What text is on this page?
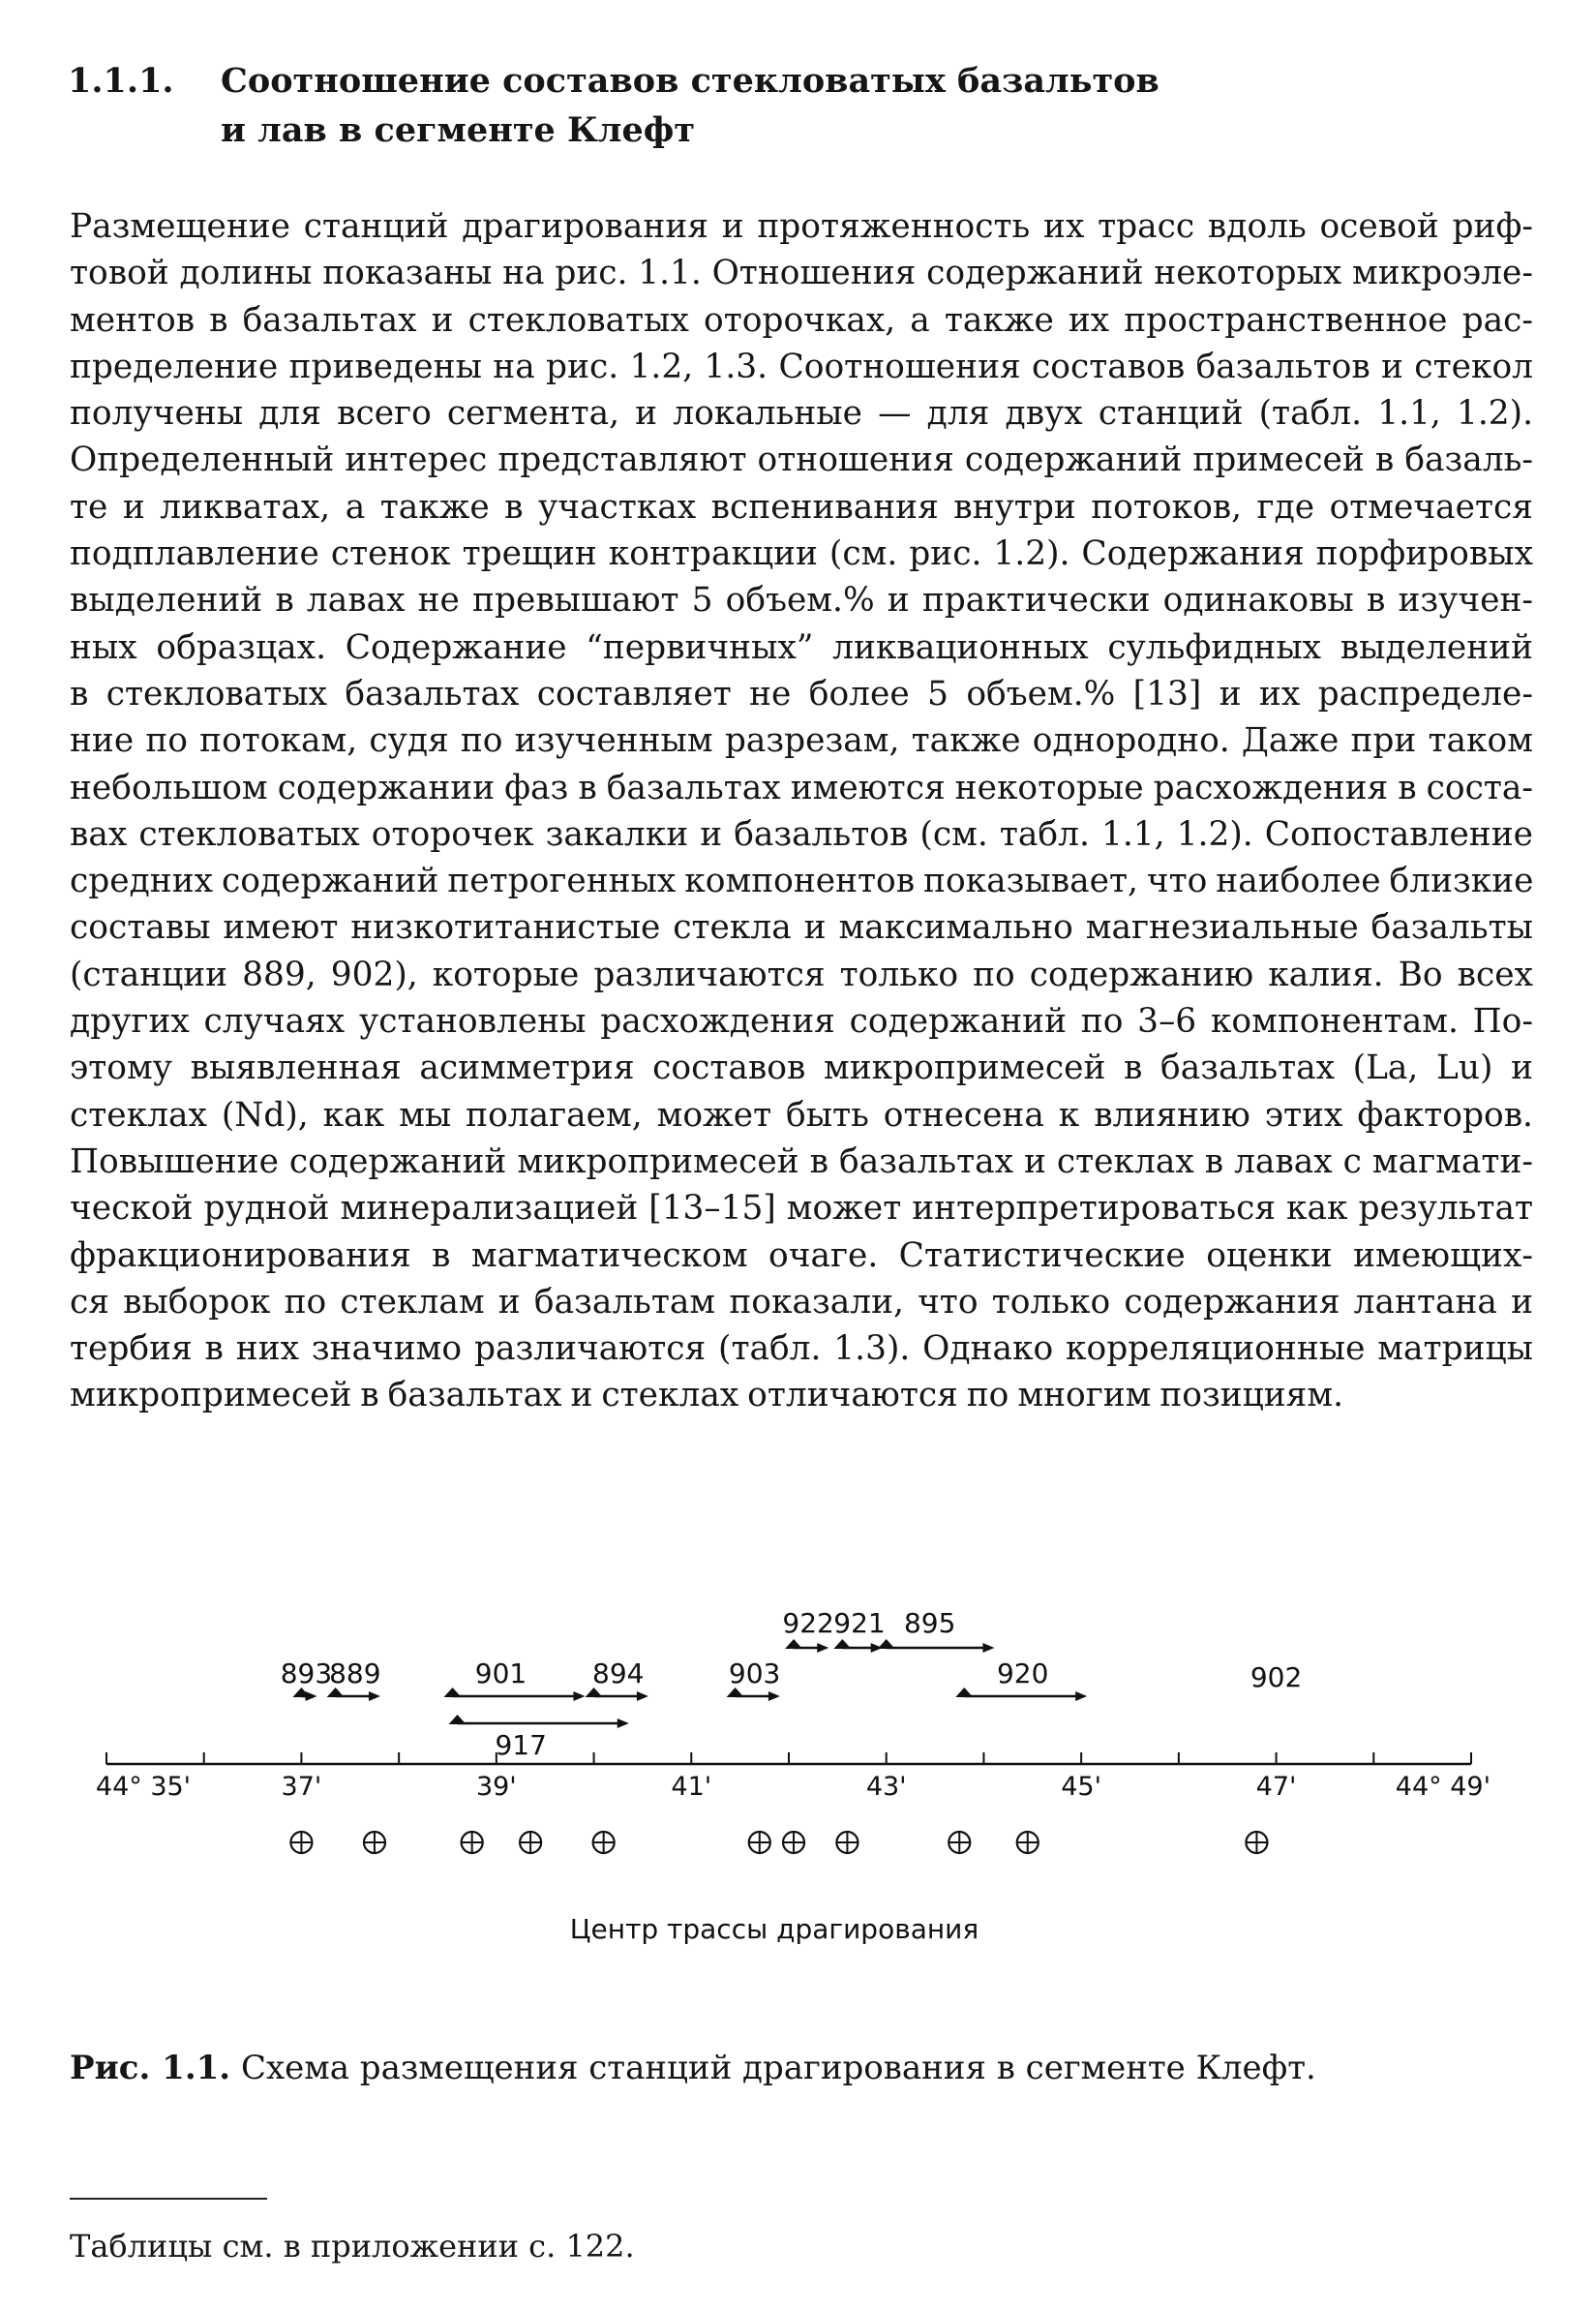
1.1.1. Соотношение составов стекловатых базальтов
и лав в сегменте Клефт
Размещение станций драгирования и протяженность их трасс вдоль осевой риф-
товой долины показаны на рис. 1.1. Отношения содержаний некоторых микроэле-
ментов в базальтах и стекловатых оторочках, а также их пространственное рас-
пределение приведены на рис. 1.2, 1.3. Соотношения составов базальтов и стекол
получены для всего сегмента, и локальные — для двух станций (табл. 1.1, 1.2).
Определенный интерес представляют отношения содержаний примесей в базаль-
те и ликватах, а также в участках вспенивания внутри потоков, где отмечается
подплавление стенок трещин контракции (см. рис. 1.2). Содержания порфировых
выделений в лавах не превышают 5 объем.% и практически одинаковы в изучен-
ных образцах. Содержание “первичных” ликвационных сульфидных выделений
в стекловатых базальтах составляет не более 5 объем.% [13] и их распределе-
ние по потокам, судя по изученным разрезам, также однородно. Даже при таком
небольшом содержании фаз в базальтах имеются некоторые расхождения в соста-
вах стекловатых оторочек закалки и базальтов (см. табл. 1.1, 1.2). Сопоставление
средних содержаний петрогенных компонентов показывает, что наиболее близкие
составы имеют низкотитанистые стекла и максимально магнезиальные базальты
(станции 889, 902), которые различаются только по содержанию калия. Во всех
других случаях установлены расхождения содержаний по 3–6 компонентам. По-
этому выявленная асимметрия составов микропримесей в базальтах (La, Lu) и
стеклах (Nd), как мы полагаем, может быть отнесена к влиянию этих факторов.
Повышение содержаний микропримесей в базальтах и стеклах в лавах с магмати-
ческой рудной минерализацией [13–15] может интерпретироваться как результат
фракционирования в магматическом очаге. Статистические оценки имеющих-
ся выборок по стеклам и базальтам показали, что только содержания лантана и
тербия в них значимо различаются (табл. 1.3). Однако корреляционные матрицы
микропримесей в базальтах и стеклах отличаются по многим позициям.
893
889	901 894
917
903
922 921 895
920	902
44° 35'	37'	39'	41'	43'	45'	47'	44° 49'
Центр трассы драгирования
Рис. 1.1. Схема размещения станций драгирования в сегменте Клефт.
Таблицы см. в приложении с. 122.
